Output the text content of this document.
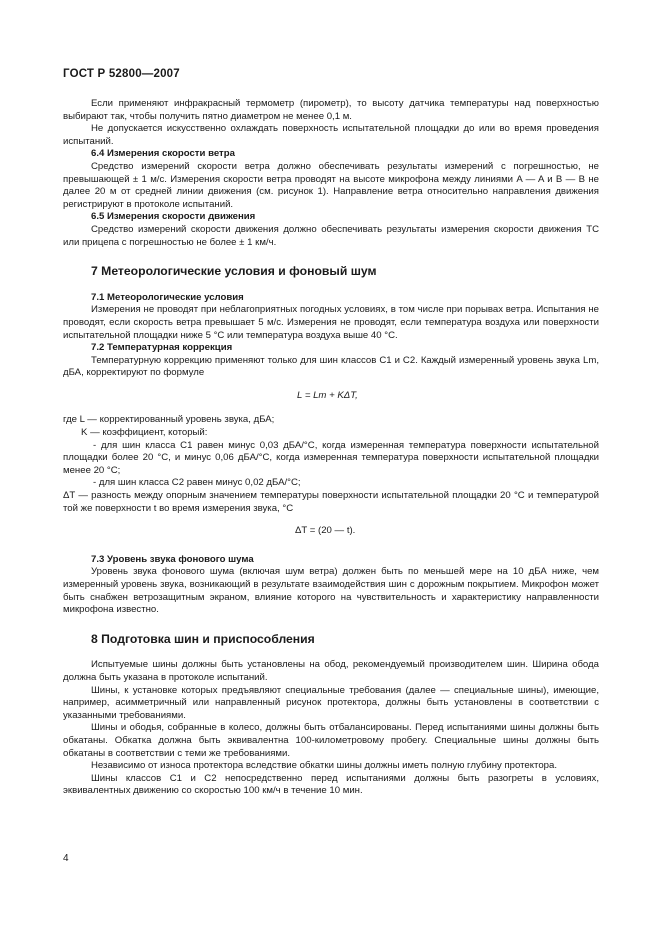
ГОСТ Р 52800—2007

Если применяют инфракрасный термометр (пирометр), то высоту датчика температуры над поверхностью выбирают так, чтобы получить пятно диаметром не менее 0,1 м.

Не допускается искусственно охлаждать поверхность испытательной площадки до или во время проведения испытаний.

6.4 Измерения скорости ветра

Средство измерений скорости ветра должно обеспечивать результаты измерений с погрешностью, не превышающей ± 1 м/с. Измерения скорости ветра проводят на высоте микрофона между линиями A — A и B — B не далее 20 м от средней линии движения (см. рисунок 1). Направление ветра относительно направления движения регистрируют в протоколе испытаний.

6.5 Измерения скорости движения

Средство измерений скорости движения должно обеспечивать результаты измерения скорости движения ТС или прицепа с погрешностью не более ± 1 км/ч.

7 Метеорологические условия и фоновый шум

7.1 Метеорологические условия

Измерения не проводят при неблагоприятных погодных условиях, в том числе при порывах ветра. Испытания не проводят, если скорость ветра превышает 5 м/с. Измерения не проводят, если температура воздуха или поверхности испытательной площадки ниже 5 °С или температура воздуха выше 40 °С.

7.2 Температурная коррекция

Температурную коррекцию применяют только для шин классов С1 и С2. Каждый измеренный уровень звука Lm, дБА, корректируют по формуле

L = Lm + KΔT,

где L — корректированный уровень звука, дБА;

K — коэффициент, который:

- для шин класса С1 равен минус 0,03 дБА/°С, когда измеренная температура поверхности испытательной площадки более 20 °С, и минус 0,06 дБА/°С, когда измеренная температура поверхности испытательной площадки менее 20 °С;

- для шин класса С2 равен минус 0,02 дБА/°С;

ΔT — разность между опорным значением температуры поверхности испытательной площадки 20 °С и температурой той же поверхности t во время измерения звука, °С

ΔT = (20 — t).

7.3 Уровень звука фонового шума

Уровень звука фонового шума (включая шум ветра) должен быть по меньшей мере на 10 дБА ниже, чем измеренный уровень звука, возникающий в результате взаимодействия шин с дорожным покрытием. Микрофон может быть снабжен ветрозащитным экраном, влияние которого на чувствительность и характеристику направленности микрофона известно.

8 Подготовка шин и приспособления

Испытуемые шины должны быть установлены на обод, рекомендуемый производителем шин. Ширина обода должна быть указана в протоколе испытаний.

Шины, к установке которых предъявляют специальные требования (далее — специальные шины), имеющие, например, асимметричный или направленный рисунок протектора, должны быть установлены в соответствии с указанными требованиями.

Шины и ободья, собранные в колесо, должны быть отбалансированы. Перед испытаниями шины должны быть обкатаны. Обкатка должна быть эквивалентна 100-километровому пробегу. Специальные шины должны быть обкатаны в соответствии с теми же требованиями.

Независимо от износа протектора вследствие обкатки шины должны иметь полную глубину протектора.

Шины классов С1 и С2 непосредственно перед испытаниями должны быть разогреты в условиях, эквивалентных движению со скоростью 100 км/ч в течение 10 мин.

4
